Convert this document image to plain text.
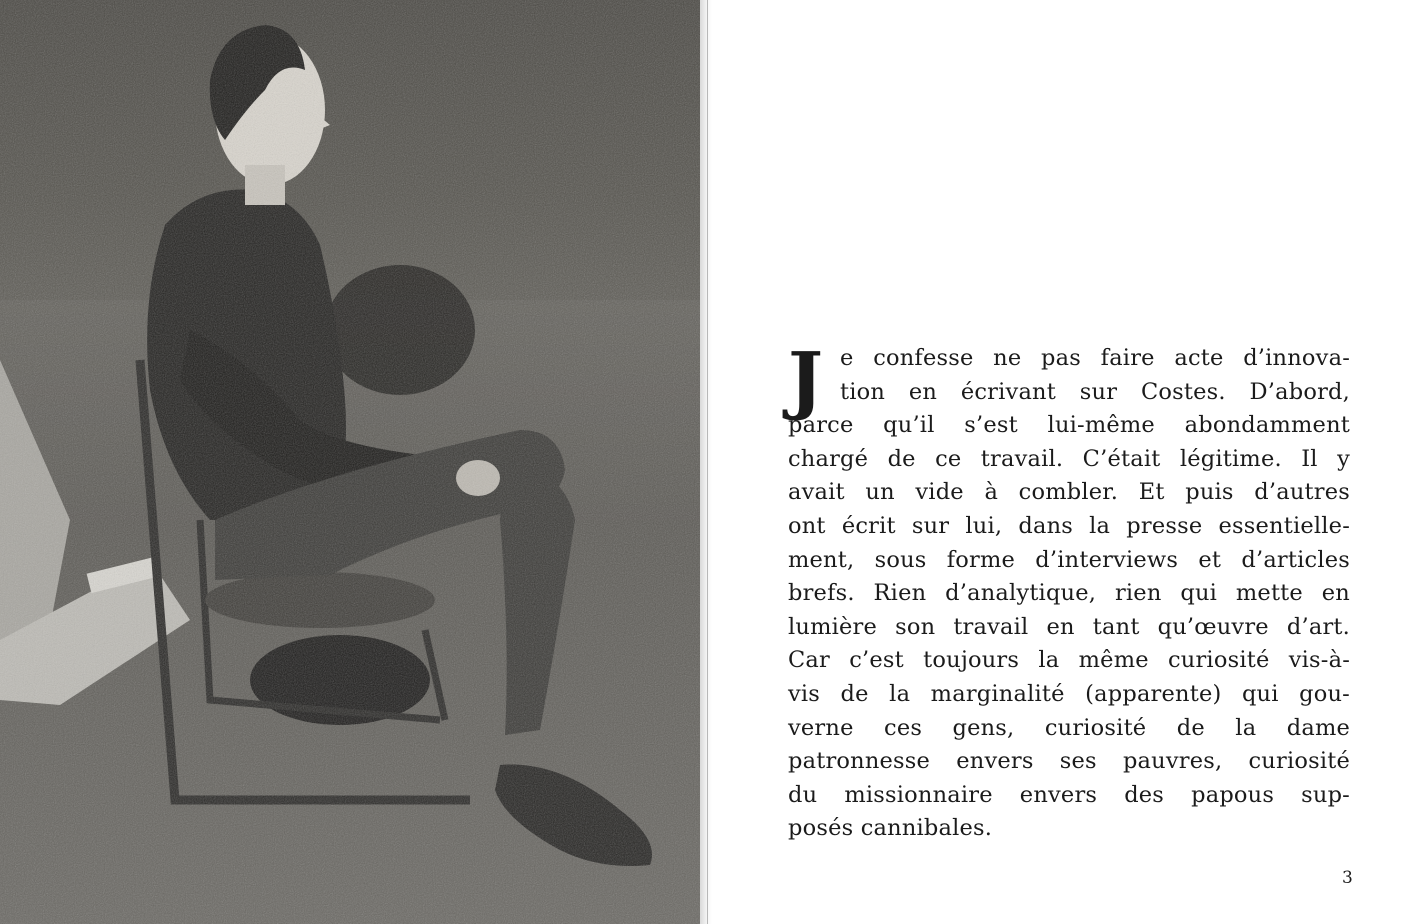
J e confesse ne pas faire acte d’innova-
tion en écrivant sur Costes. D’abord,
parce qu’il s’est lui-même abondamment
chargé de ce travail. C’était légitime. Il y
avait un vide à combler. Et puis d’autres
ont écrit sur lui, dans la presse essentielle-
ment, sous forme d’interviews et d’articles
brefs. Rien d’analytique, rien qui mette en
lumière son travail en tant qu’œuvre d’art.
Car c’est toujours la même curiosité vis-à-
vis de la marginalité (apparente) qui gou-
verne ces gens, curiosité de la dame
patronnesse envers ses pauvres, curiosité
du missionnaire envers des papous sup-
posés cannibales.
3
